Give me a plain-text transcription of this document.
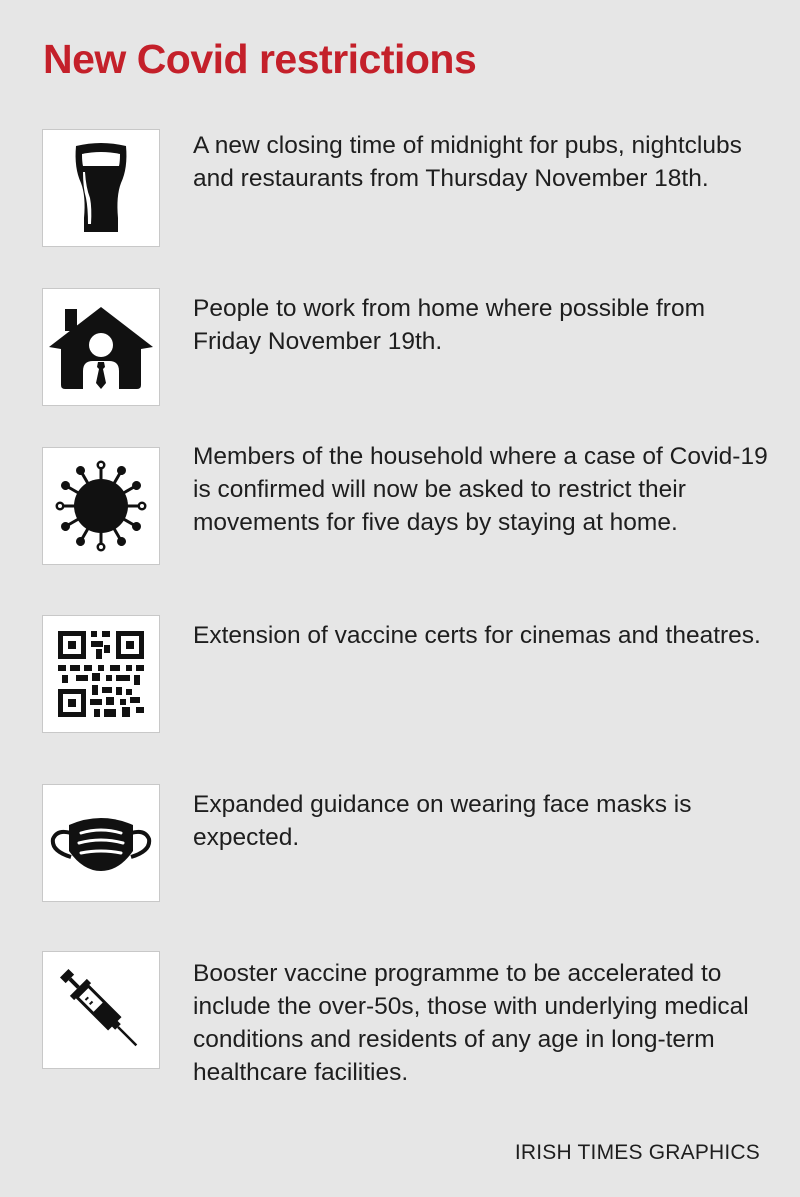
New Covid restrictions

A new closing time of midnight for pubs, nightclubs and restaurants from Thursday November 18th.

People to work from home where possible from Friday November 19th.

Members of the household where a case of Covid-19 is confirmed will now be asked to restrict their movements for five days by staying at home.

Extension of vaccine certs for cinemas and theatres.

Expanded guidance on wearing face masks is expected.

Booster vaccine programme to be accelerated to include the over-50s, those with underlying medical conditions and residents of any age in long-term healthcare facilities.

IRISH TIMES GRAPHICS
